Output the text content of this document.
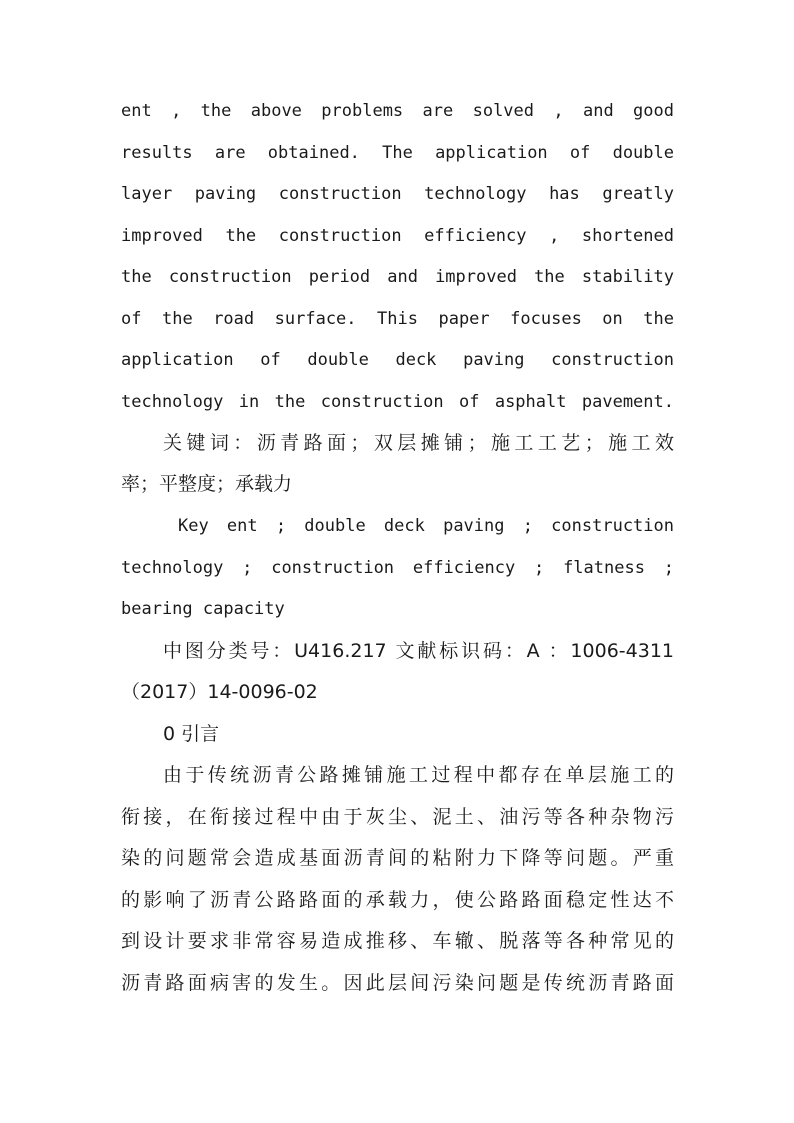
ent , the above problems are solved , and good
results are obtained. The application of double
layer paving construction technology has greatly
improved the construction efficiency , shortened
the construction period and improved the stability
of the road surface. This paper focuses on the
application of double deck paving construction
technology in the construction of asphalt pavement.
关键词：沥青路面；双层摊铺；施工工艺；施工效
率；平整度；承载力
Key ent ; double deck paving ; construction
technology ; construction efficiency ; flatness ;
bearing capacity
中图分类号：U416.217 文献标识码：A ：1006-4311
（2017）14-0096-02
0 引言
由于传统沥青公路摊铺施工过程中都存在单层施工的
衔接，在衔接过程中由于灰尘、泥土、油污等各种杂物污
染的问题常会造成基面沥青间的粘附力下降等问题。严重
的影响了沥青公路路面的承载力，使公路路面稳定性达不
到设计要求非常容易造成推移、车辙、脱落等各种常见的
沥青路面病害的发生。因此层间污染问题是传统沥青路面
